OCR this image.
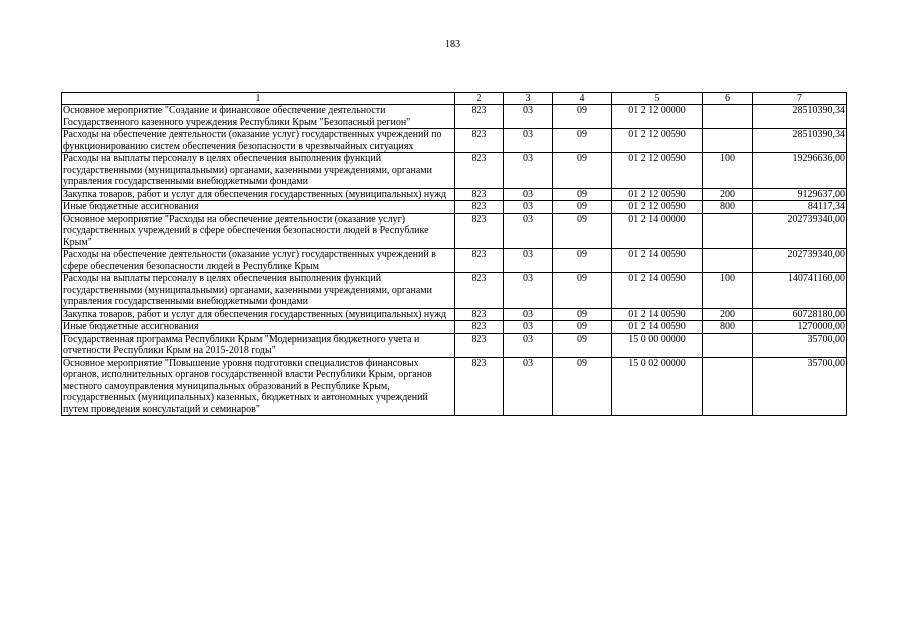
183
1	2	3	4	5	6	7
Основное мероприятие "Создание и финансовое обеспечение деятельности Государственного казенного учреждения Республики Крым "Безопасный регион"	823	03	09	01 2 12 00000		28510390,34
Расходы на обеспечение деятельности (оказание услуг) государственных учреждений по функционированию систем обеспечения безопасности в чрезвычайных ситуациях	823	03	09	01 2 12 00590		28510390,34
Расходы на выплаты персоналу в целях обеспечения выполнения функций государственными (муниципальными) органами, казенными учреждениями, органами управления государственными внебюджетными фондами	823	03	09	01 2 12 00590	100	19296636,00
Закупка товаров, работ и услуг для обеспечения государственных (муниципальных) нужд	823	03	09	01 2 12 00590	200	9129637,00
Иные бюджетные ассигнования	823	03	09	01 2 12 00590	800	84117,34
Основное мероприятие "Расходы на обеспечение деятельности (оказание услуг) государственных учреждений в сфере обеспечения безопасности людей в Республике Крым"	823	03	09	01 2 14 00000		202739340,00
Расходы на обеспечение деятельности (оказание услуг) государственных учреждений в сфере обеспечения безопасности людей в Республике Крым	823	03	09	01 2 14 00590		202739340,00
Расходы на выплаты персоналу в целях обеспечения выполнения функций государственными (муниципальными) органами, казенными учреждениями, органами управления государственными внебюджетными фондами	823	03	09	01 2 14 00590	100	140741160,00
Закупка товаров, работ и услуг для обеспечения государственных (муниципальных) нужд	823	03	09	01 2 14 00590	200	60728180,00
Иные бюджетные ассигнования	823	03	09	01 2 14 00590	800	1270000,00
Государственная программа Республики Крым "Модернизация бюджетного учета и отчетности Республики Крым на 2015-2018 годы"	823	03	09	15 0 00 00000		35700,00
Основное мероприятие "Повышение уровня подготовки специалистов финансовых органов, исполнительных органов государственной власти Республики Крым, органов местного самоуправления муниципальных образований в Республике Крым, государственных (муниципальных) казенных, бюджетных и автономных учреждений путем проведения консультаций и семинаров"	823	03	09	15 0 02 00000		35700,00
